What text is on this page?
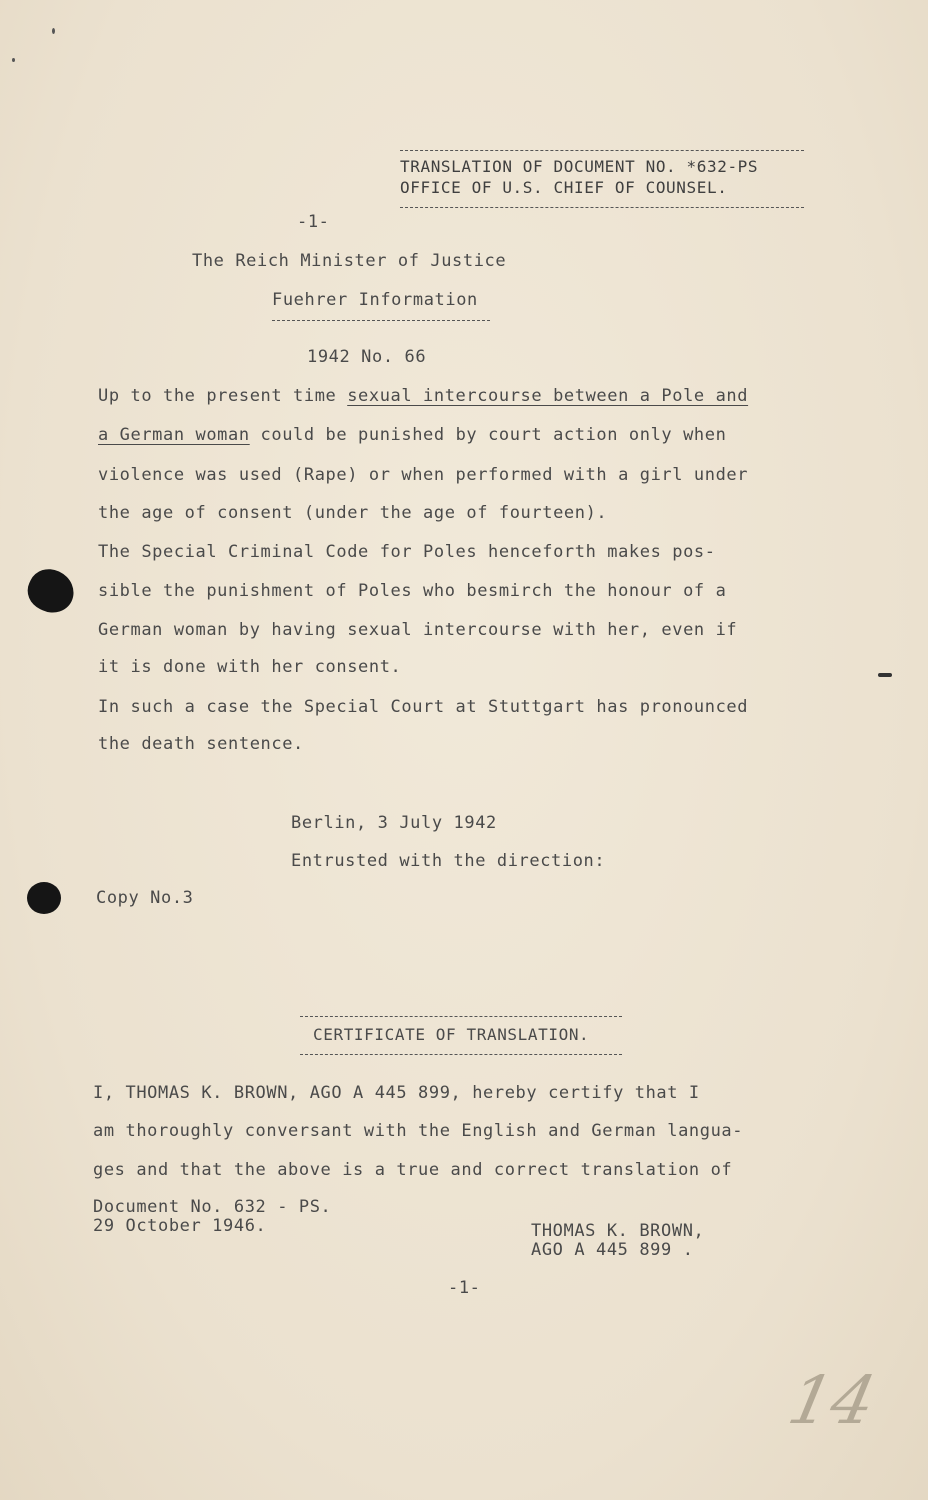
TRANSLATION OF DOCUMENT NO. *632-PS
OFFICE OF U.S. CHIEF OF COUNSEL.
-1-
The Reich Minister of Justice
Fuehrer Information
1942 No. 66
Up to the present time sexual intercourse between a Pole and
a German woman could be punished by court action only when
violence was used (Rape) or when performed with a girl under
the age of consent (under the age of fourteen).
The Special Criminal Code for Poles henceforth makes pos-
sible the punishment of Poles who besmirch the honour of a
German woman by having sexual intercourse with her, even if
it is done with her consent.
In such a case the Special Court at Stuttgart has pronounced
the death sentence.
Berlin, 3 July 1942
Entrusted with the direction:
Copy No.3
CERTIFICATE OF TRANSLATION.
I, THOMAS K. BROWN, AGO A 445 899, hereby certify that I
am thoroughly conversant with the English and German langua-
ges and that the above is a true and correct translation of
Document No. 632 - PS.
29 October 1946.	THOMAS K. BROWN,
AGO A 445 899 .
-1-
14
